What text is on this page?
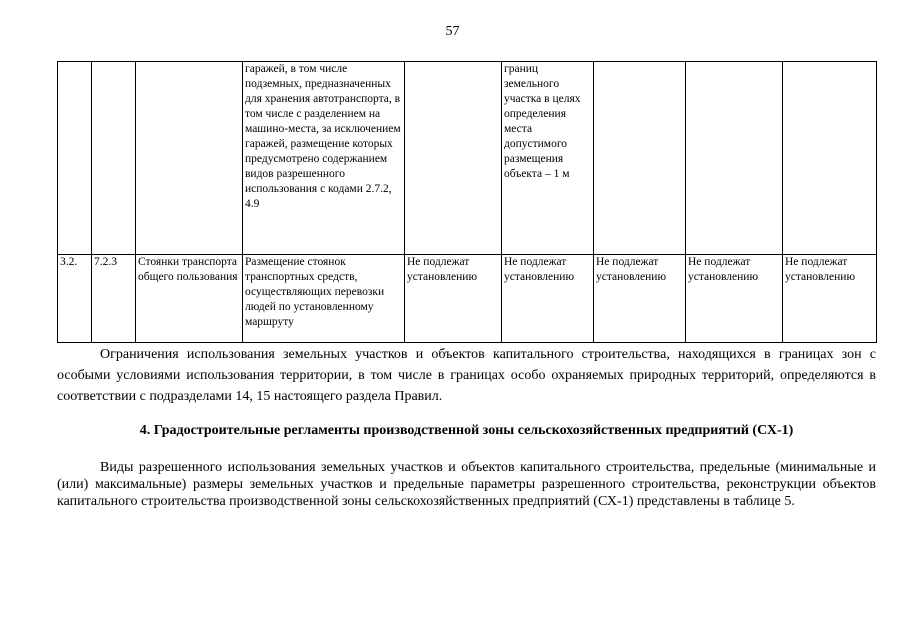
57
			гаражей, в том числе подземных, предназначенных для хранения автотранспорта, в том числе с разделением на машино-места, за исключением гаражей, размещение которых предусмотрено содержанием видов разрешенного использования с кодами 2.7.2, 4.9		границ земельного участка в целях определения места допустимого размещения объекта – 1 м			
3.2.	7.2.3	Стоянки транспорта общего пользования	Размещение стоянок транспортных средств, осуществляющих перевозки людей по установленному маршруту	Не подлежат установлению	Не подлежат установлению	Не подлежат установлению	Не подлежат установлению	Не подлежат установлению

Ограничения использования земельных участков и объектов капитального строительства, находящихся в границах зон с особыми условиями использования территории, в том числе в границах особо охраняемых природных территорий, определяются в соответствии с подразделами 14, 15 настоящего раздела Правил.

4. Градостроительные регламенты производственной зоны сельскохозяйственных предприятий (СХ-1)

Виды разрешенного использования земельных участков и объектов капитального строительства, предельные (минимальные и (или) максимальные) размеры земельных участков и предельные параметры разрешенного строительства, реконструкции объектов капитального строительства производственной зоны сельскохозяйственных предприятий (СХ-1) представлены в таблице 5.
